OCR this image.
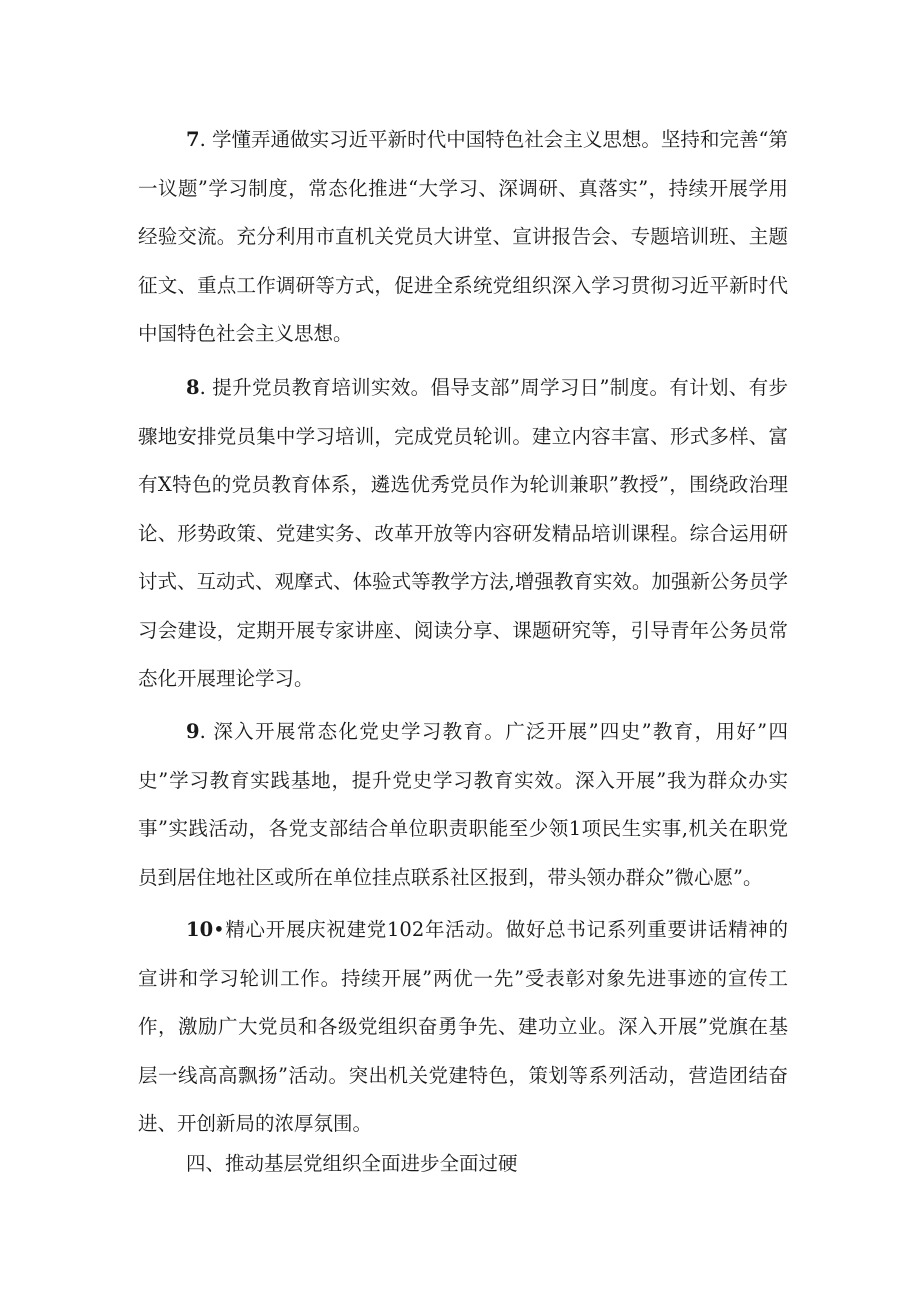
7. 学懂弄通做实习近平新时代中国特色社会主义思想。坚持和完善“第一议题”学习制度，常态化推进“大学习、深调研、真落实”，持续开展学用经验交流。充分利用市直机关党员大讲堂、宣讲报告会、专题培训班、主题征文、重点工作调研等方式，促进全系统党组织深入学习贯彻习近平新时代中国特色社会主义思想。

8. 提升党员教育培训实效。倡导支部”周学习日”制度。有计划、有步骤地安排党员集中学习培训，完成党员轮训。建立内容丰富、形式多样、富有X特色的党员教育体系，遴选优秀党员作为轮训兼职”教授”，围绕政治理论、形势政策、党建实务、改革开放等内容研发精品培训课程。综合运用研讨式、互动式、观摩式、体验式等教学方法,增强教育实效。加强新公务员学习会建设，定期开展专家讲座、阅读分享、课题研究等，引导青年公务员常态化开展理论学习。

9. 深入开展常态化党史学习教育。广泛开展”四史”教育，用好”四史”学习教育实践基地，提升党史学习教育实效。深入开展”我为群众办实事”实践活动，各党支部结合单位职责职能至少领1项民生实事,机关在职党员到居住地社区或所在单位挂点联系社区报到，带头领办群众”微心愿”。

10•精心开展庆祝建党102年活动。做好总书记系列重要讲话精神的宣讲和学习轮训工作。持续开展”两优一先”受表彰对象先进事迹的宣传工作，激励广大党员和各级党组织奋勇争先、建功立业。深入开展”党旗在基层一线高高飘扬”活动。突出机关党建特色，策划等系列活动，营造团结奋进、开创新局的浓厚氛围。

四、推动基层党组织全面进步全面过硬
